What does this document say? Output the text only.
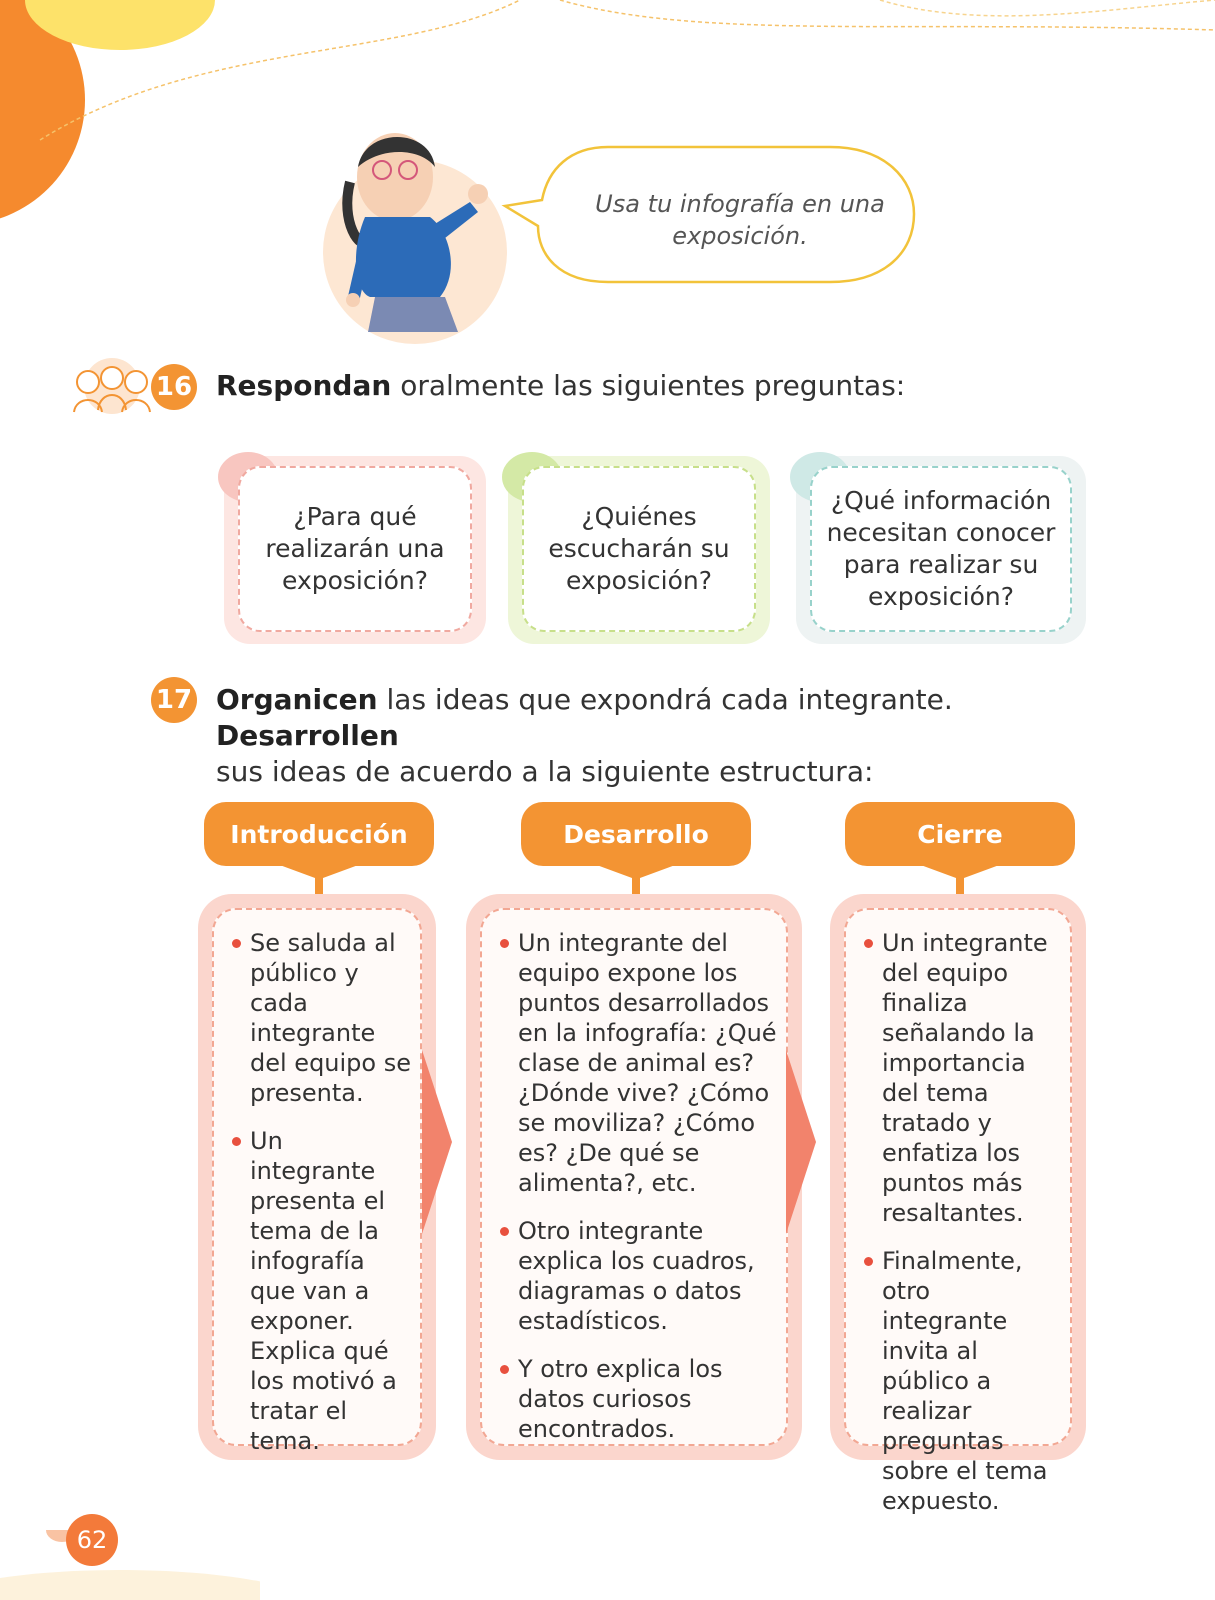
Usa tu infografía en una exposición.
16 Respondan oralmente las siguientes preguntas:
¿Para qué realizarán una exposición?
¿Quiénes escucharán su exposición?
¿Qué información necesitan conocer para realizar su exposición?
17 Organicen las ideas que expondrá cada integrante. Desarrollen
sus ideas de acuerdo a la siguiente estructura:
Introducción	Desarrollo	Cierre
Se saluda al público y cada integrante del equipo se presenta.
Un integrante presenta el tema de la infografía que van a exponer. Explica qué los motivó a tratar el tema.
Un integrante del equipo expone los puntos desarrollados en la infografía: ¿Qué clase de animal es? ¿Dónde vive? ¿Cómo se moviliza? ¿Cómo es? ¿De qué se alimenta?, etc.
Otro integrante explica los cuadros, diagramas o datos estadísticos.
Y otro explica los datos curiosos encontrados.
Un integrante del equipo finaliza señalando la importancia del tema tratado y enfatiza los puntos más resaltantes.
Finalmente, otro integrante invita al público a realizar preguntas sobre el tema expuesto.
62
